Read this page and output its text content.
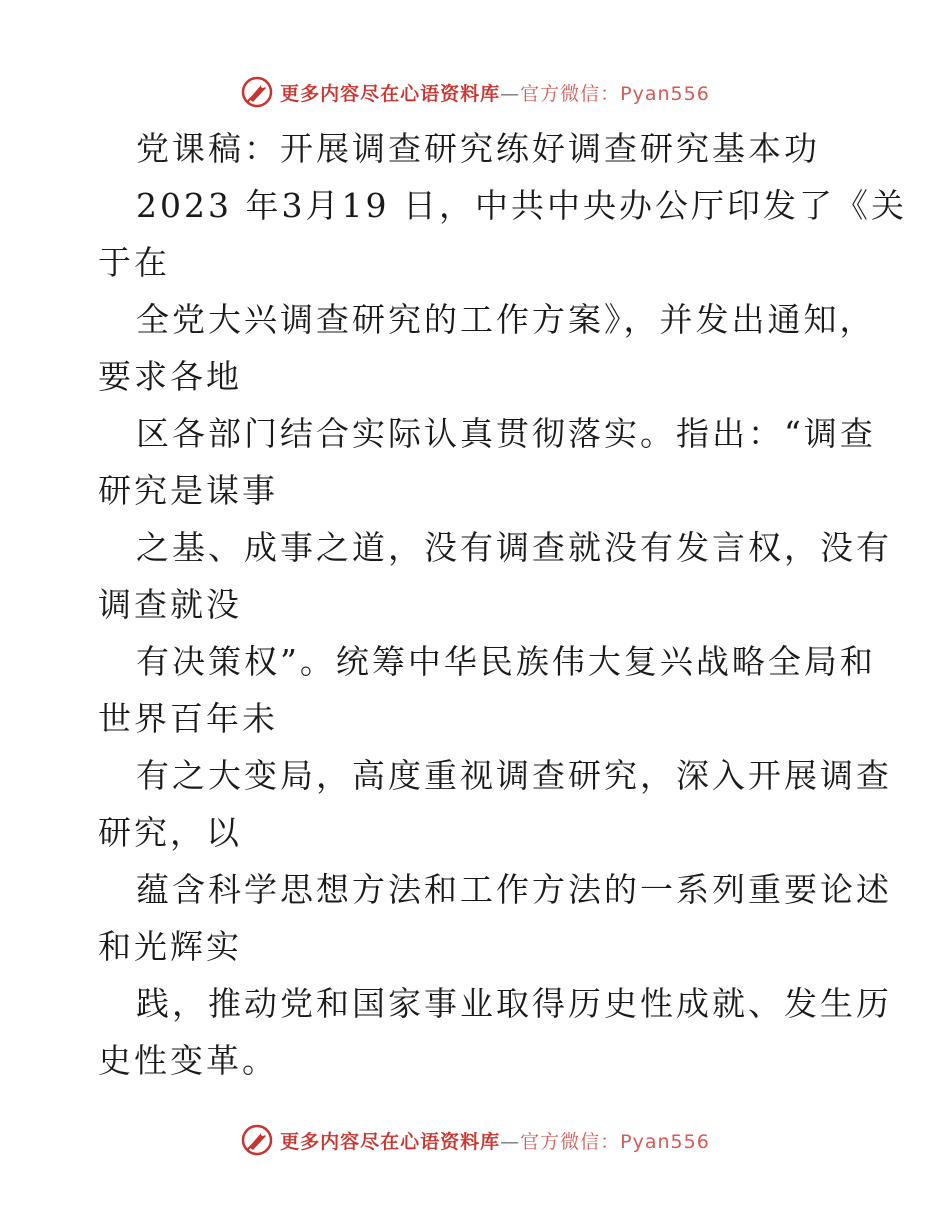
更多内容尽在心语资料库—官方微信：Pyan556
党课稿：开展调查研究练好调查研究基本功
2023 年3月19 日，中共中央办公厅印发了《关
于在
全党大兴调查研究的工作方案》，并发出通知，
要求各地
区各部门结合实际认真贯彻落实。指出：“调查
研究是谋事
之基、成事之道，没有调查就没有发言权，没有
调查就没
有决策权”。统筹中华民族伟大复兴战略全局和
世界百年未
有之大变局，高度重视调查研究，深入开展调查
研究，以
蕴含科学思想方法和工作方法的一系列重要论述
和光辉实
践，推动党和国家事业取得历史性成就、发生历
史性变革。
更多内容尽在心语资料库—官方微信：Pyan556
